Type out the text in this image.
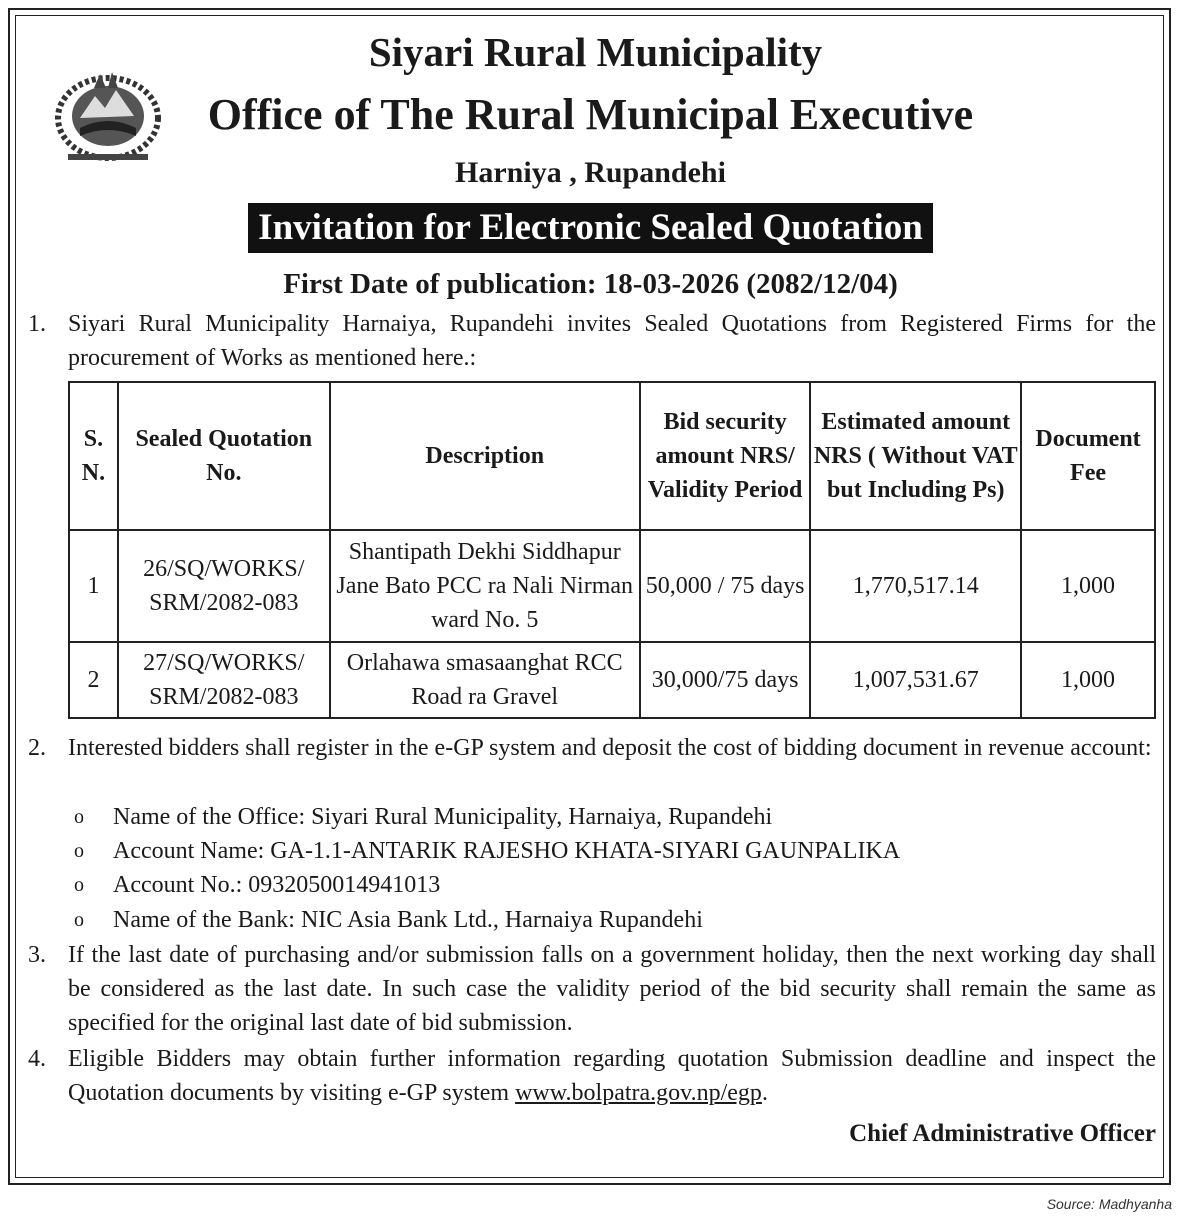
Siyari Rural Municipality
Office of The Rural Municipal Executive
Harniya , Rupandehi
Invitation for Electronic Sealed Quotation
First Date of publication: 18-03-2026 (2082/12/04)
1. Siyari Rural Municipality Harnaiya, Rupandehi invites Sealed Quotations from Registered Firms for the procurement of Works as mentioned here.:
S. N.	Sealed Quotation No.	Description	Bid security amount NRS/ Validity Period	Estimated amount NRS ( Without VAT but Including Ps)	Document Fee
1	26/SQ/WORKS/ SRM/2082-083	Shantipath Dekhi Siddhapur Jane Bato PCC ra Nali Nirman ward No. 5	50,000 / 75 days	1,770,517.14	1,000
2	27/SQ/WORKS/ SRM/2082-083	Orlahawa smasaanghat RCC Road ra Gravel	30,000/75 days	1,007,531.67	1,000
2. Interested bidders shall register in the e-GP system and deposit the cost of bidding document in revenue account:
o Name of the Office: Siyari Rural Municipality, Harnaiya, Rupandehi
o Account Name: GA-1.1-ANTARIK RAJESHO KHATA-SIYARI GAUNPALIKA
o Account No.: 0932050014941013
o Name of the Bank: NIC Asia Bank Ltd., Harnaiya Rupandehi
3. If the last date of purchasing and/or submission falls on a government holiday, then the next working day shall be considered as the last date. In such case the validity period of the bid security shall remain the same as specified for the original last date of bid submission.
4. Eligible Bidders may obtain further information regarding quotation Submission deadline and inspect the Quotation documents by visiting e-GP system www.bolpatra.gov.np/egp.
Chief Administrative Officer
Source: Madhyanha
